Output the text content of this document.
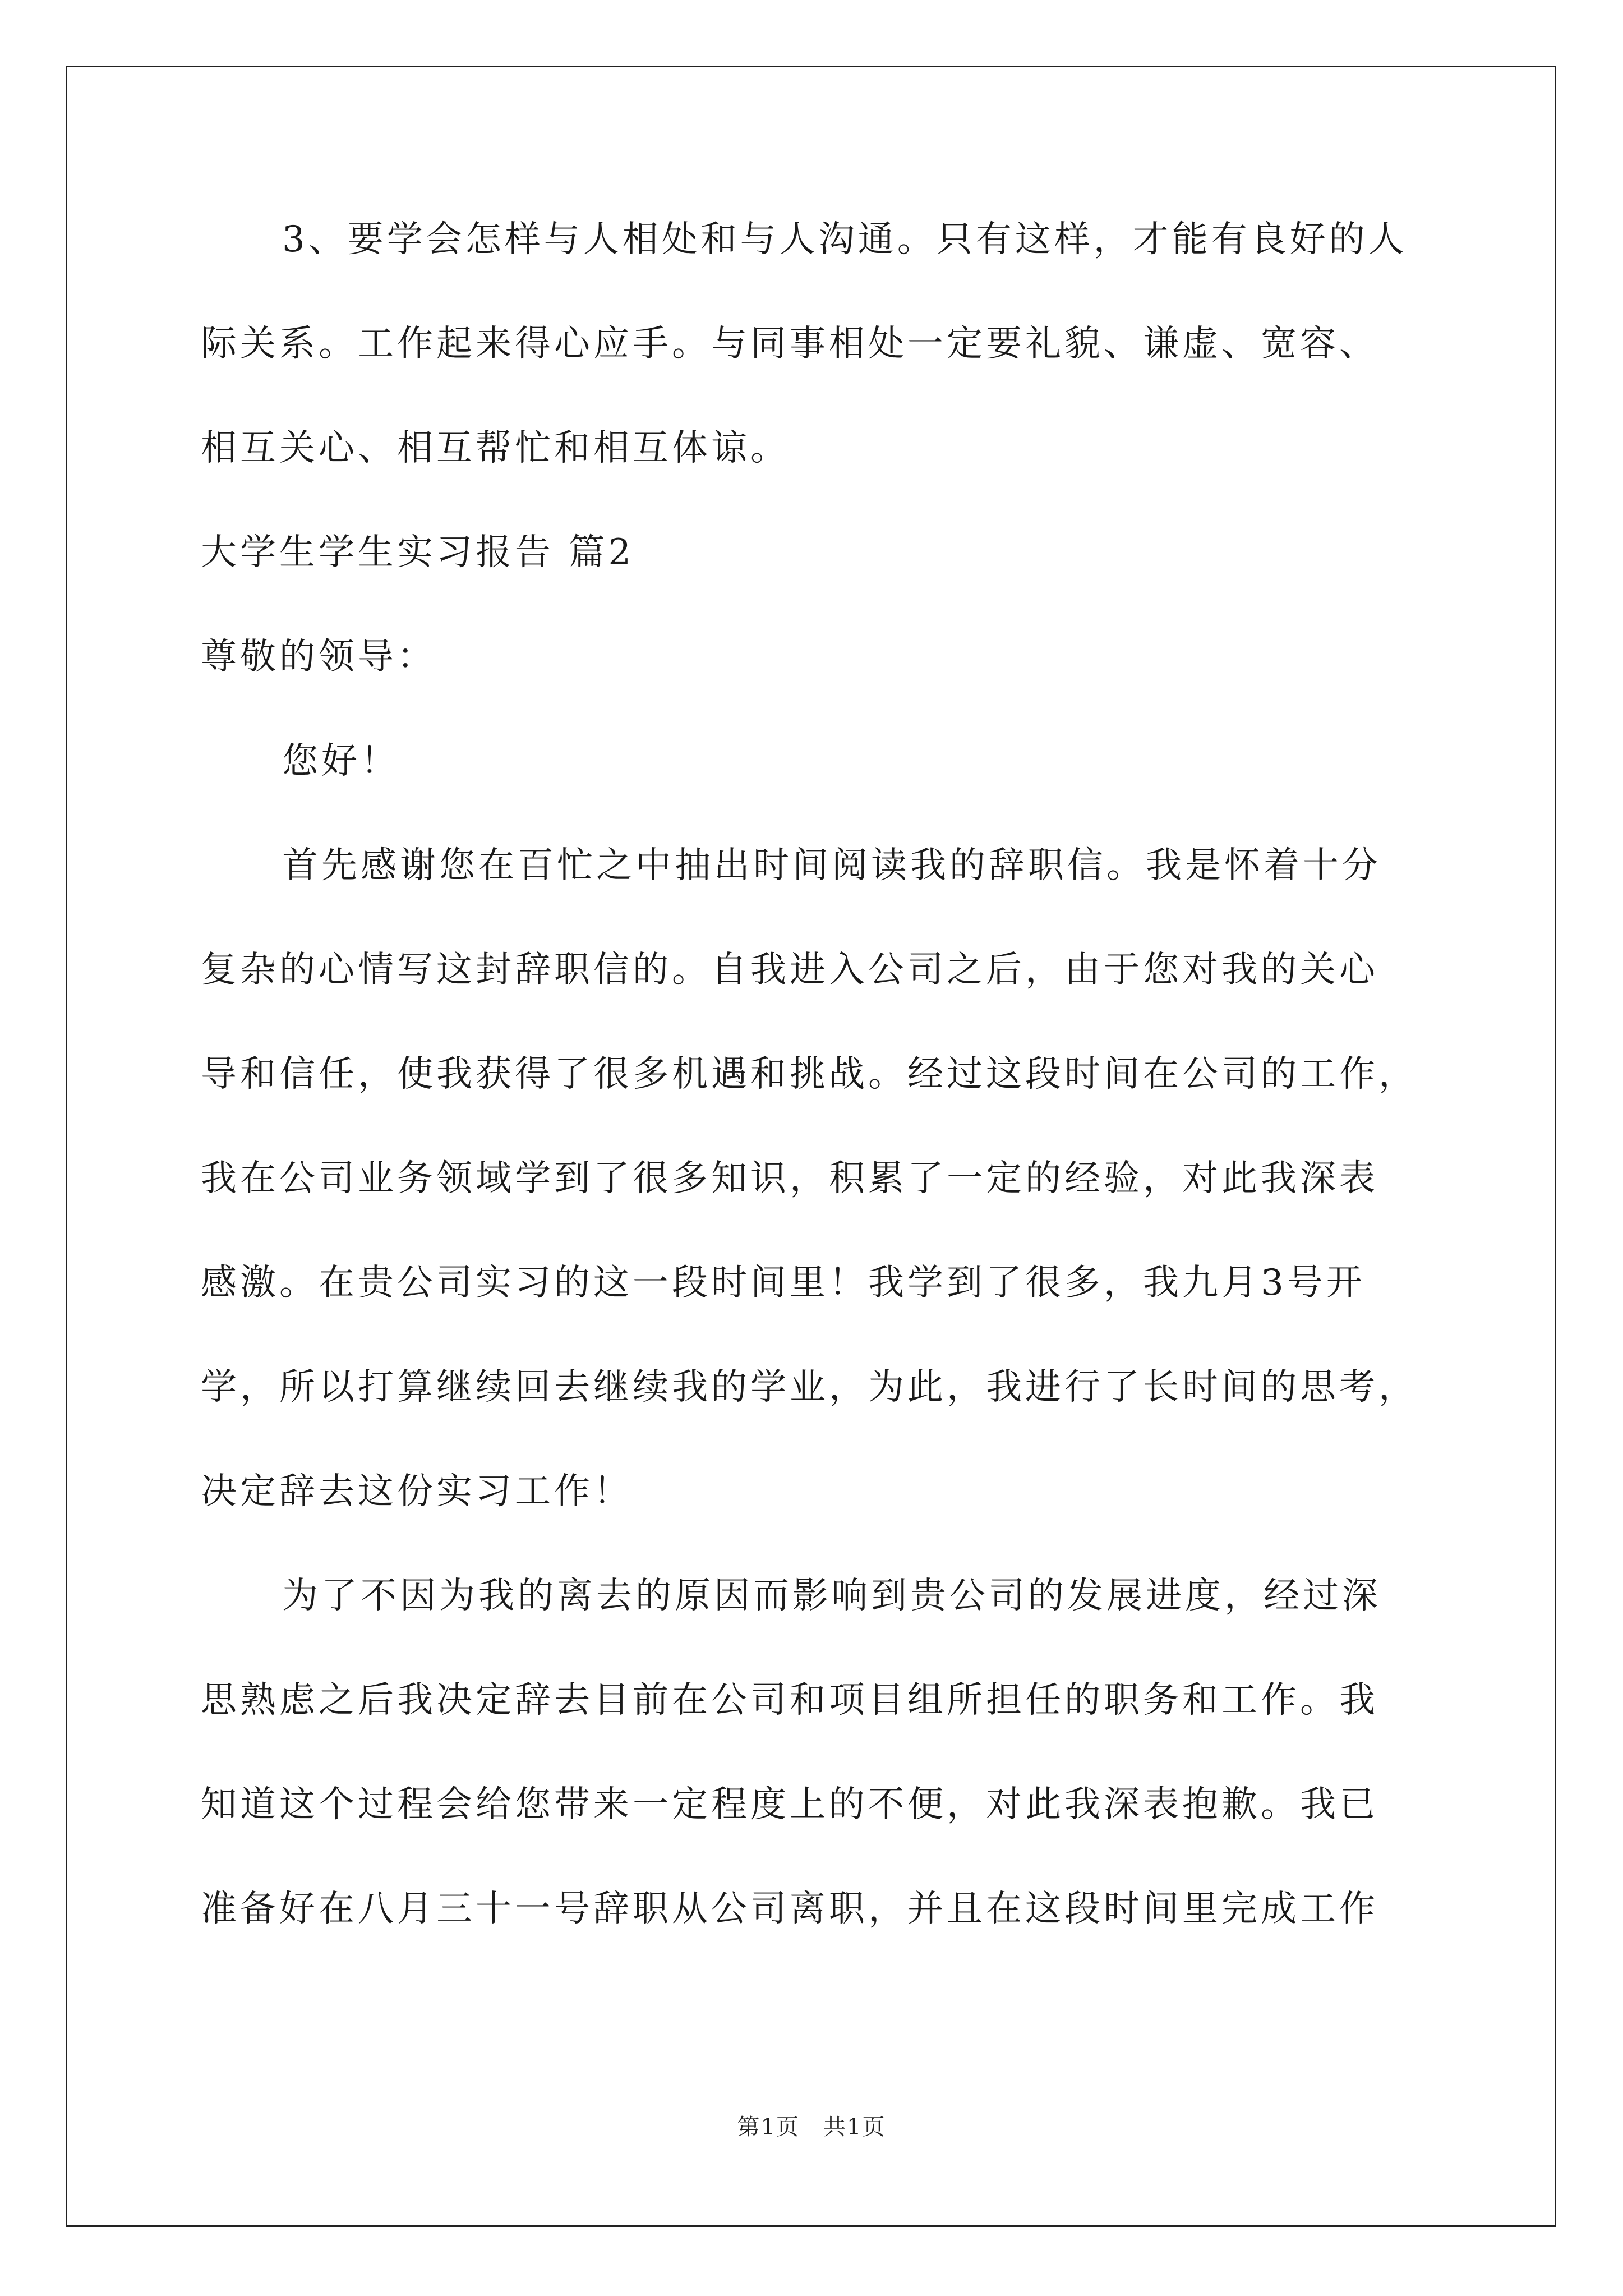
3、要学会怎样与人相处和与人沟通。只有这样，才能有良好的人
际关系。工作起来得心应手。与同事相处一定要礼貌、谦虚、宽容、
相互关心、相互帮忙和相互体谅。
大学生学生实习报告 篇2
尊敬的领导：
您好！
首先感谢您在百忙之中抽出时间阅读我的辞职信。我是怀着十分
复杂的心情写这封辞职信的。自我进入公司之后，由于您对我的关心
导和信任，使我获得了很多机遇和挑战。经过这段时间在公司的工作，
我在公司业务领域学到了很多知识，积累了一定的经验，对此我深表
感激。在贵公司实习的这一段时间里！我学到了很多，我九月3号开
学，所以打算继续回去继续我的学业，为此，我进行了长时间的思考，
决定辞去这份实习工作！
为了不因为我的离去的原因而影响到贵公司的发展进度，经过深
思熟虑之后我决定辞去目前在公司和项目组所担任的职务和工作。我
知道这个过程会给您带来一定程度上的不便，对此我深表抱歉。我已
准备好在八月三十一号辞职从公司离职，并且在这段时间里完成工作
第1页　共1页
